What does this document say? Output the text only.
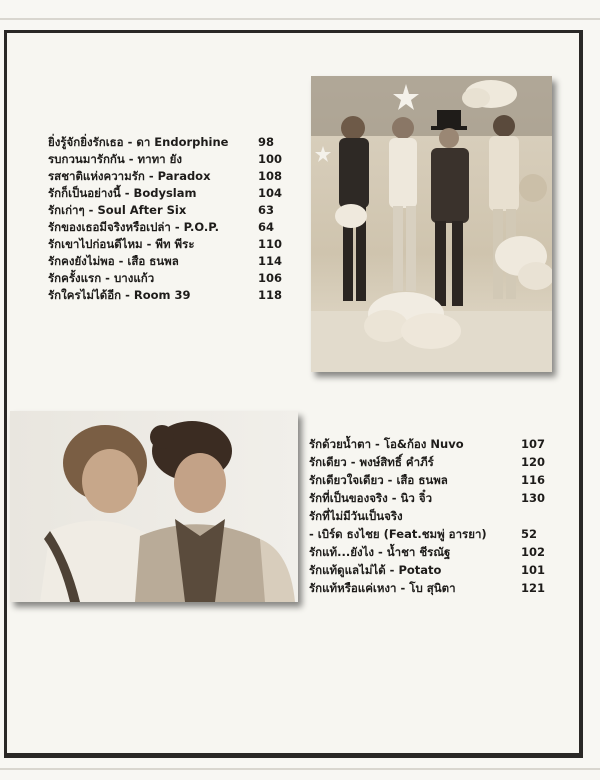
ยิ่งรู้จักยิ่งรักเธอ - ดา Endorphine	98
รบกวนมารักกัน - ทาทา ยัง	100
รสชาติแห่งความรัก - Paradox	108
รักก็เป็นอย่างนี้ - Bodyslam	104
รักเก่าๆ - Soul After Six	63
รักของเธอมีจริงหรือเปล่า - P.O.P.	64
รักเขาไปก่อนดีไหม - พีท พีระ	110
รักคงยังไม่พอ - เสือ ธนพล	114
รักครั้งแรก - บางแก้ว	106
รักใครไม่ได้อีก - Room 39	118
รักด้วยน้ำตา - โอ&ก้อง Nuvo	107
รักเดียว - พงษ์สิทธิ์ คำภีร์	120
รักเดียวใจเดียว - เสือ ธนพล	116
รักที่เป็นของจริง - นิว จิ๋ว	130
รักที่ไม่มีวันเป็นจริง
- เบิร์ด ธงไชย (Feat.ชมพู่ อารยา)	52
รักแท้...ยังไง - น้ำชา ชีรณัฐ	102
รักแท้ดูแลไม่ได้ - Potato	101
รักแท้หรือแค่เหงา - โบ สุนิตา	121
